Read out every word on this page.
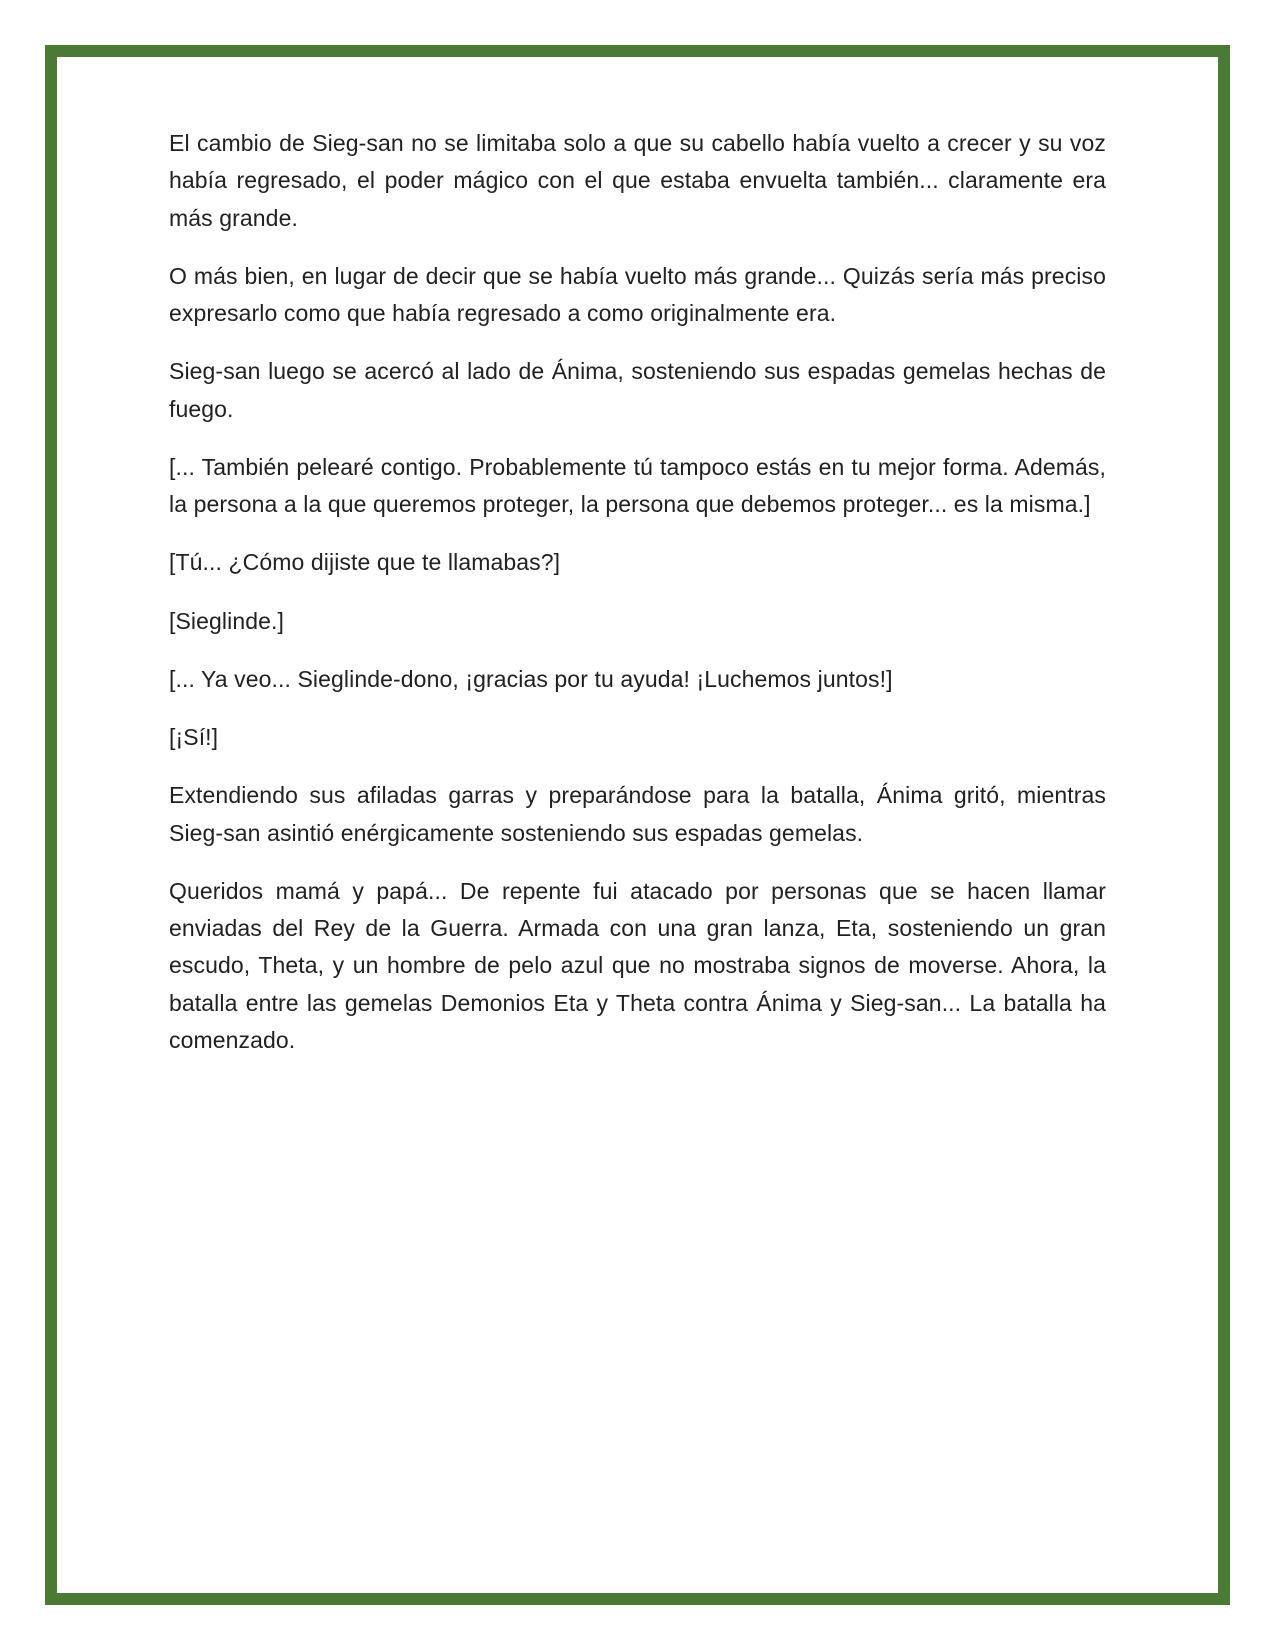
El cambio de Sieg-san no se limitaba solo a que su cabello había vuelto a crecer y su voz había regresado, el poder mágico con el que estaba envuelta también... claramente era más grande.

O más bien, en lugar de decir que se había vuelto más grande... Quizás sería más preciso expresarlo como que había regresado a como originalmente era.

Sieg-san luego se acercó al lado de Ánima, sosteniendo sus espadas gemelas hechas de fuego.

[... También pelearé contigo. Probablemente tú tampoco estás en tu mejor forma. Además, la persona a la que queremos proteger, la persona que debemos proteger... es la misma.]

[Tú... ¿Cómo dijiste que te llamabas?]

[Sieglinde.]

[... Ya veo... Sieglinde-dono, ¡gracias por tu ayuda! ¡Luchemos juntos!]

[¡Sí!]

Extendiendo sus afiladas garras y preparándose para la batalla, Ánima gritó, mientras Sieg-san asintió enérgicamente sosteniendo sus espadas gemelas.

Queridos mamá y papá... De repente fui atacado por personas que se hacen llamar enviadas del Rey de la Guerra. Armada con una gran lanza, Eta, sosteniendo un gran escudo, Theta, y un hombre de pelo azul que no mostraba signos de moverse. Ahora, la batalla entre las gemelas Demonios Eta y Theta contra Ánima y Sieg-san... La batalla ha comenzado.
